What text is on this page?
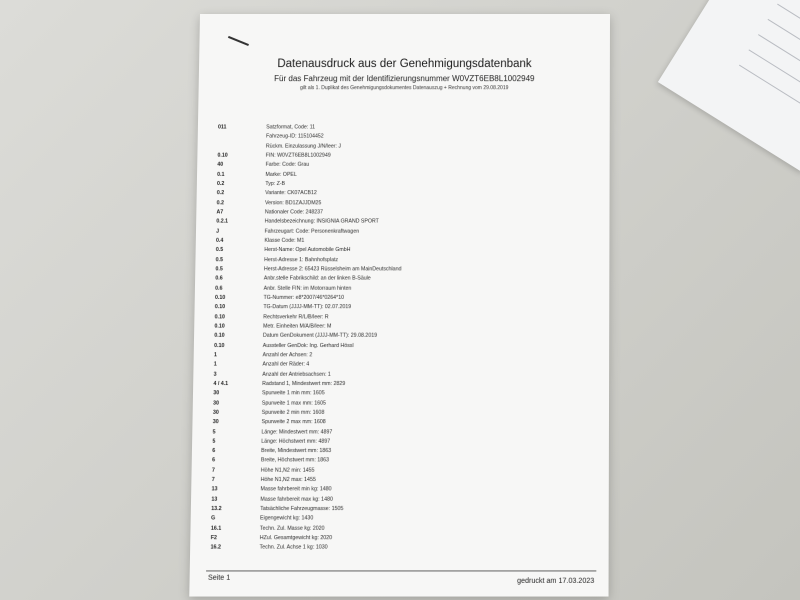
Datenausdruck aus der Genehmigungsdatenbank
Für das Fahrzeug mit der Identifizierungsnummer W0VZT6EB8L1002949
gilt als 1. Duplikat des Genehmigungsdokumentes Datenauszug + Rechnung vom 29.08.2019
011	Satzformat, Code: 11
Fahrzeug-ID: 115104452
Rückm. Einzulassung J/N/leer: J
0.10	FIN: W0VZT6EB8L1002949
40	Farbe: Code: Grau
0.1	Marke: OPEL
0.2	Typ: Z-B
0.2	Variante: CK07ACB12
0.2	Version: BD1ZAJJDM25
A7	Nationaler Code: 248237
0.2.1	Handelsbezeichnung: INSIGNIA GRAND SPORT
J	Fahrzeugart: Code: Personenkraftwagen
0.4	Klasse Code: M1
0.5	Herst-Name: Opel Automobile GmbH
0.5	Herst-Adresse 1: Bahnhofsplatz
0.5	Herst-Adresse 2: 65423 Rüsselsheim am MainDeutschland
0.6	Anbr.stelle Fabrikschild: an der linken B-Säule
0.6	Anbr. Stelle FIN: im Motorraum hinten
0.10	TG-Nummer: e8*2007/46*0264*10
0.10	TG-Datum (JJJJ-MM-TT): 02.07.2019
0.10	Rechtsverkehr R/L/B/leer: R
0.10	Metr. Einheiten M/A/B/leer: M
0.10	Datum GenDokument (JJJJ-MM-TT): 29.08.2019
0.10	Aussteller GenDok: Ing. Gerhard Hössl
1	Anzahl der Achsen: 2
1	Anzahl der Räder: 4
3	Anzahl der Antriebsachsen: 1
4 / 4.1	Radstand 1, Mindestwert mm: 2829
30	Spurweite 1 min mm: 1605
30	Spurweite 1 max mm: 1605
30	Spurweite 2 min mm: 1608
30	Spurweite 2 max mm: 1608
5	Länge: Mindestwert mm: 4897
5	Länge: Höchstwert mm: 4897
6	Breite, Mindestwert mm: 1863
6	Breite, Höchstwert mm: 1863
7	Höhe N1,N2 min: 1455
7	Höhe N1,N2 max: 1455
13	Masse fahrbereit min kg: 1480
13	Masse fahrbereit max kg: 1480
13.2	Tatsächliche Fahrzeugmasse: 1505
G	Eigengewicht kg: 1430
16.1	Techn. Zul. Masse kg: 2020
F2	HZul. Gesamtgewicht kg: 2020
16.2	Techn. Zul. Achse 1 kg: 1030
Seite 1	gedruckt am 17.03.2023
